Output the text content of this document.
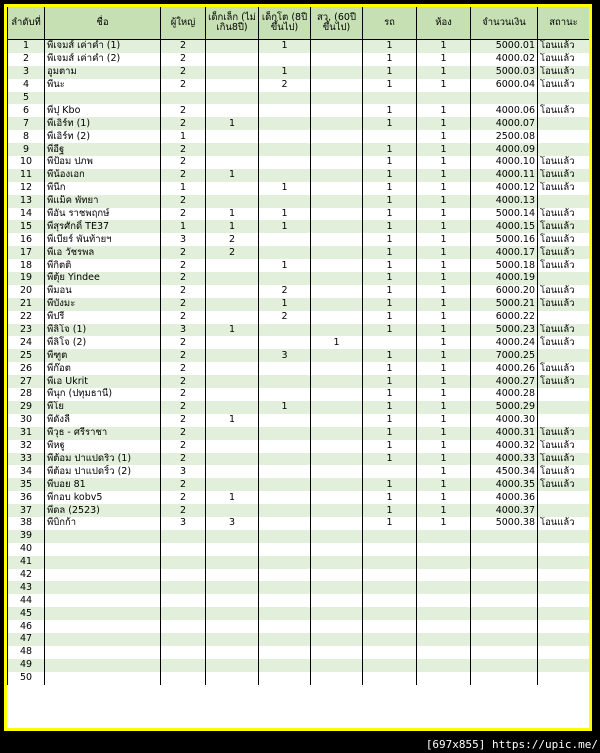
ลำดับที่	ชื่อ	ผู้ใหญ่	เด็กเล็ก (ไม่เกิน8ปี)	เด็กโต (8ปีขึ้นไป)	สว. (60ปีขึ้นไป)	รถ	ห้อง	จำนวนเงิน	สถานะ
1	พี่เจมส์ เค่าค่ำ (1)	2		1		1	1	5000.01	โอนแล้ว
2	พี่เจมส์ เค่าค่ำ (2)	2				1	1	4000.02	โอนแล้ว
3	อูมตาม	2		1		1	1	5000.03	โอนแล้ว
4	พี่นะ	2		2		1	1	6000.04	โอนแล้ว
5									
6	พี่ปุ Kbo	2				1	1	4000.06	โอนแล้ว
7	พี่เอิร์ท (1)	2	1			1	1	4000.07	
8	พี่เอิร์ท (2)	1					1	2500.08	
9	พี่อีฐ	2				1	1	4000.09	
10	พี่ป้อม ปภพ	2				1	1	4000.10	โอนแล้ว
11	พี่น้องเอก	2	1			1	1	4000.11	โอนแล้ว
12	พี่นีก	1		1		1	1	4000.12	โอนแล้ว
13	พี่แม็ค พัทยา	2				1	1	4000.13	
14	พี่อั๋น ราชพฤกษ์	2	1	1		1	1	5000.14	โอนแล้ว
15	พี่สุรศักดิ์ TE37	1	1	1		1	1	4000.15	โอนแล้ว
16	พี่เบียร์ พันท้ายฯ	3	2			1	1	5000.16	โอนแล้ว
17	พี่เอ วัชรพล	2	2			1	1	4000.17	โอนแล้ว
18	พี่กิตติ	2		1		1	1	5000.18	โอนแล้ว
19	พี่ตุ้ย Yindee	2				1	1	4000.19	
20	พี่มอน	2		2		1	1	6000.20	โอนแล้ว
21	พี่บังมะ	2		1		1	1	5000.21	โอนแล้ว
22	พี่ปรี	2		2		1	1	6000.22	
23	พี่ลิโจ (1)	3	1			1	1	5000.23	โอนแล้ว
24	พี่ลิโจ (2)	2			1		1	4000.24	โอนแล้ว
25	พี่ฑูต	2		3		1	1	7000.25	
26	พี่ก๊อต	2				1	1	4000.26	โอนแล้ว
27	พี่เอ Ukrit	2				1	1	4000.27	โอนแล้ว
28	พี่นุก (ปทุมธานี)	2				1	1	4000.28	
29	พี่โย	2		1		1	1	5000.29	
30	พี่ดังลี้	2	1			1	1	4000.30	
31	พี่วุธ - ศรีราชา	2				1	1	4000.31	โอนแล้ว
32	พี่หฐู	2				1	1	4000.32	โอนแล้ว
33	พี่ต้อม ปาแปดริ้ว (1)	2				1	1	4000.33	โอนแล้ว
34	พี่ต้อม ปาแปดริ้ว (2)	3					1	4500.34	โอนแล้ว
35	พี่บอย 81	2				1	1	4000.35	โอนแล้ว
36	พี่กอบ kobv5	2	1			1	1	4000.36	
37	พี่ดล (2523)	2				1	1	4000.37	
38	พี่บิ๊กก้า	3	3			1	1	5000.38	โอนแล้ว
39									
40									
41									
42									
43									
44									
45									
46									
47									
48									
49									
50									
[697x855] https://upic.me/
